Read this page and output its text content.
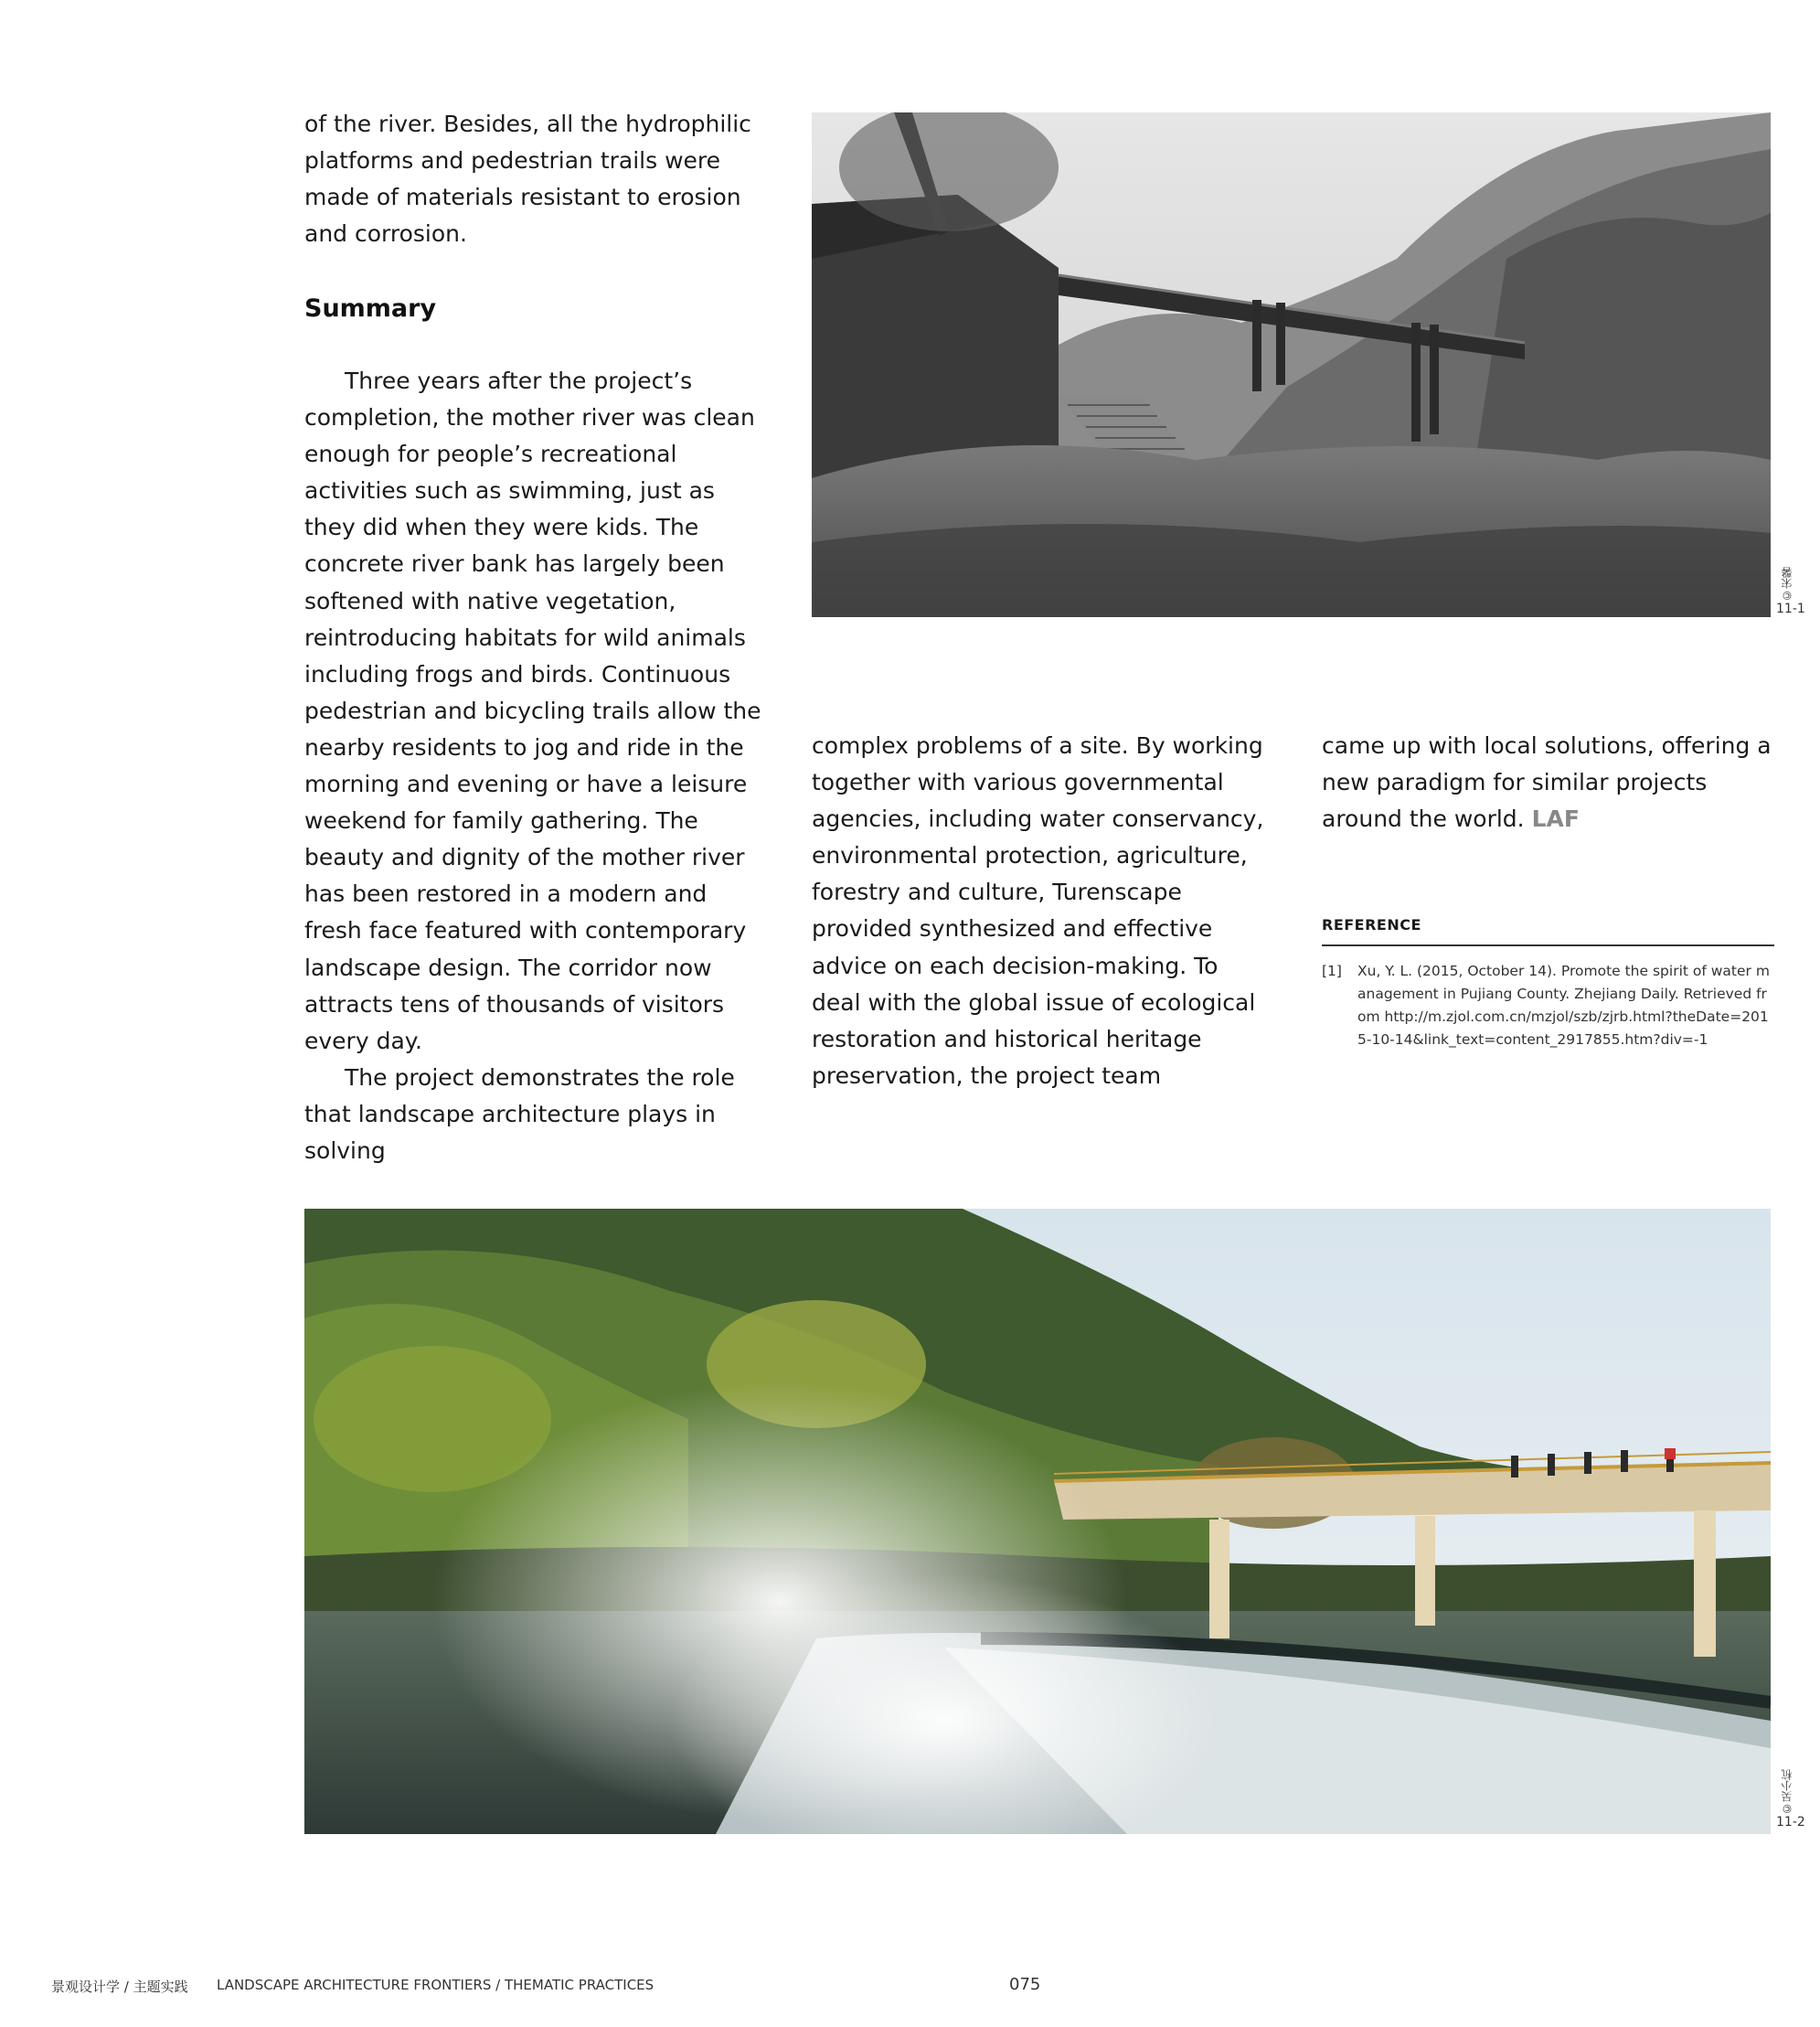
of the river. Besides, all the hydrophilic platforms and pedestrian trails were made of materials resistant to erosion and corrosion.

Summary

Three years after the project’s completion, the mother river was clean enough for people’s recreational activities such as swimming, just as they did when they were kids. The concrete river bank has largely been softened with native vegetation, reintroducing habitats for wild animals including frogs and birds. Continuous pedestrian and bicycling trails allow the nearby residents to jog and ride in the morning and evening or have a leisure weekend for family gathering. The beauty and dignity of the mother river has been restored in a modern and fresh face featured with contemporary landscape design. The corridor now attracts tens of thousands of visitors every day.

The project demonstrates the role that landscape architecture plays in solving

complex problems of a site. By working together with various governmental agencies, including water conservancy, environmental protection, agriculture, forestry and culture, Turenscape provided synthesized and effective advice on each decision-making. To deal with the global issue of ecological restoration and historical heritage preservation, the project team

came up with local solutions, offering a new paradigm for similar projects around the world. LAF

REFERENCE
[1] Xu, Y. L. (2015, October 14). Promote the spirit of water management in Pujiang County. Zhejiang Daily. Retrieved from http://m.zjol.com.cn/mzjol/szb/zjrb.html?theDate=2015-10-14&link_text=content_2917855.htm?div=-1
©宋馨
11-1
©吴小杭
11-2
景观设计学 / 主题实践 LANDSCAPE ARCHITECTURE FRONTIERS / THEMATIC PRACTICES	075
